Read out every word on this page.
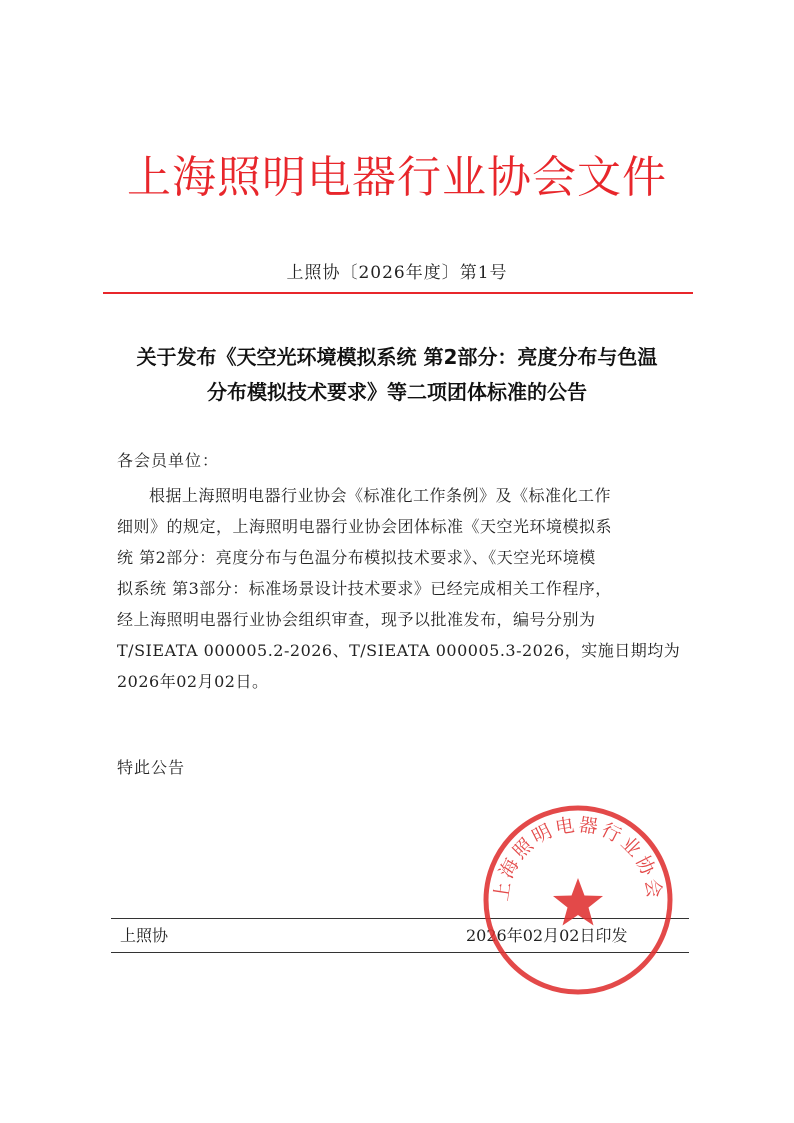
上海照明电器行业协会文件
上照协〔2026年度〕第1号
关于发布《天空光环境模拟系统 第2部分：亮度分布与色温
分布模拟技术要求》等二项团体标准的公告
各会员单位：
根据上海照明电器行业协会《标准化工作条例》及《标准化工作
细则》的规定，上海照明电器行业协会团体标准《天空光环境模拟系
统 第2部分：亮度分布与色温分布模拟技术要求》、《天空光环境模
拟系统 第3部分：标准场景设计技术要求》已经完成相关工作程序，
经上海照明电器行业协会组织审查，现予以批准发布，编号分别为
T/SIEATA 000005.2-2026、T/SIEATA 000005.3-2026，实施日期均为
2026年02月02日。
特此公告
上照协	2026年02月02日印发
上海照明电器行业协会
